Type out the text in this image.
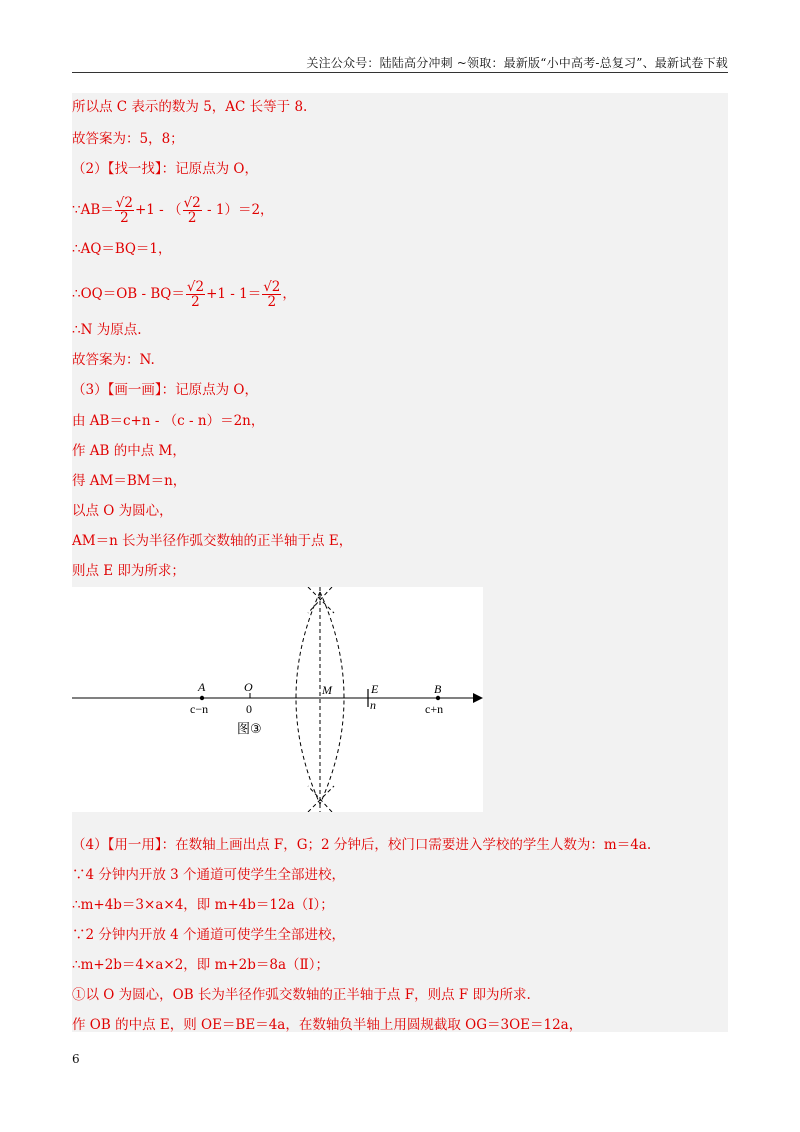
关注公众号：陆陆高分冲刺 ~领取：最新版“小中高考-总复习”、最新试卷下载
所以点 C 表示的数为 5，AC 长等于 8.
故答案为：5，8；
（2）【找一找】：记原点为 O，
∵AB＝ $\frac{√2}{2} +1$ - （ $\frac{√2}{2} - 1)=2$，
∴AQ＝BQ＝1，
∴OQ＝OB - $BQ= \frac{√2}{2} +1 - 1= \frac{√2}{2}$ ，
∴N 为原点.
故答案为：N.
（3）【画一画】：记原点为 O，
由 AB＝c+n - （c - n）＝2n，
作 AB 的中点 M，
得 AM＝BM＝n，
以点 O 为圆心，
AM＝n 长为半径作弧交数轴的正半轴于点 E，
则点 E 即为所求；
A	O	M	E	B
c−n	0	n	c+n
图③
（4）【用一用】：在数轴上画出点 F，G；2 分钟后，校门口需要进入学校的学生人数为：m＝4a.
∵4 分钟内开放 3 个通道可使学生全部进校，
∴m+4b＝3×a×4，即 m+4b＝12a（Ⅰ）；
∵2 分钟内开放 4 个通道可使学生全部进校，
∴m+2b＝4×a×2，即 m+2b＝8a（Ⅱ）；
①以 O 为圆心，OB 长为半径作弧交数轴的正半轴于点 F，则点 F 即为所求.
作 OB 的中点 E，则 OE＝BE＝4a，在数轴负半轴上用圆规截取 OG＝3OE＝12a，
6
